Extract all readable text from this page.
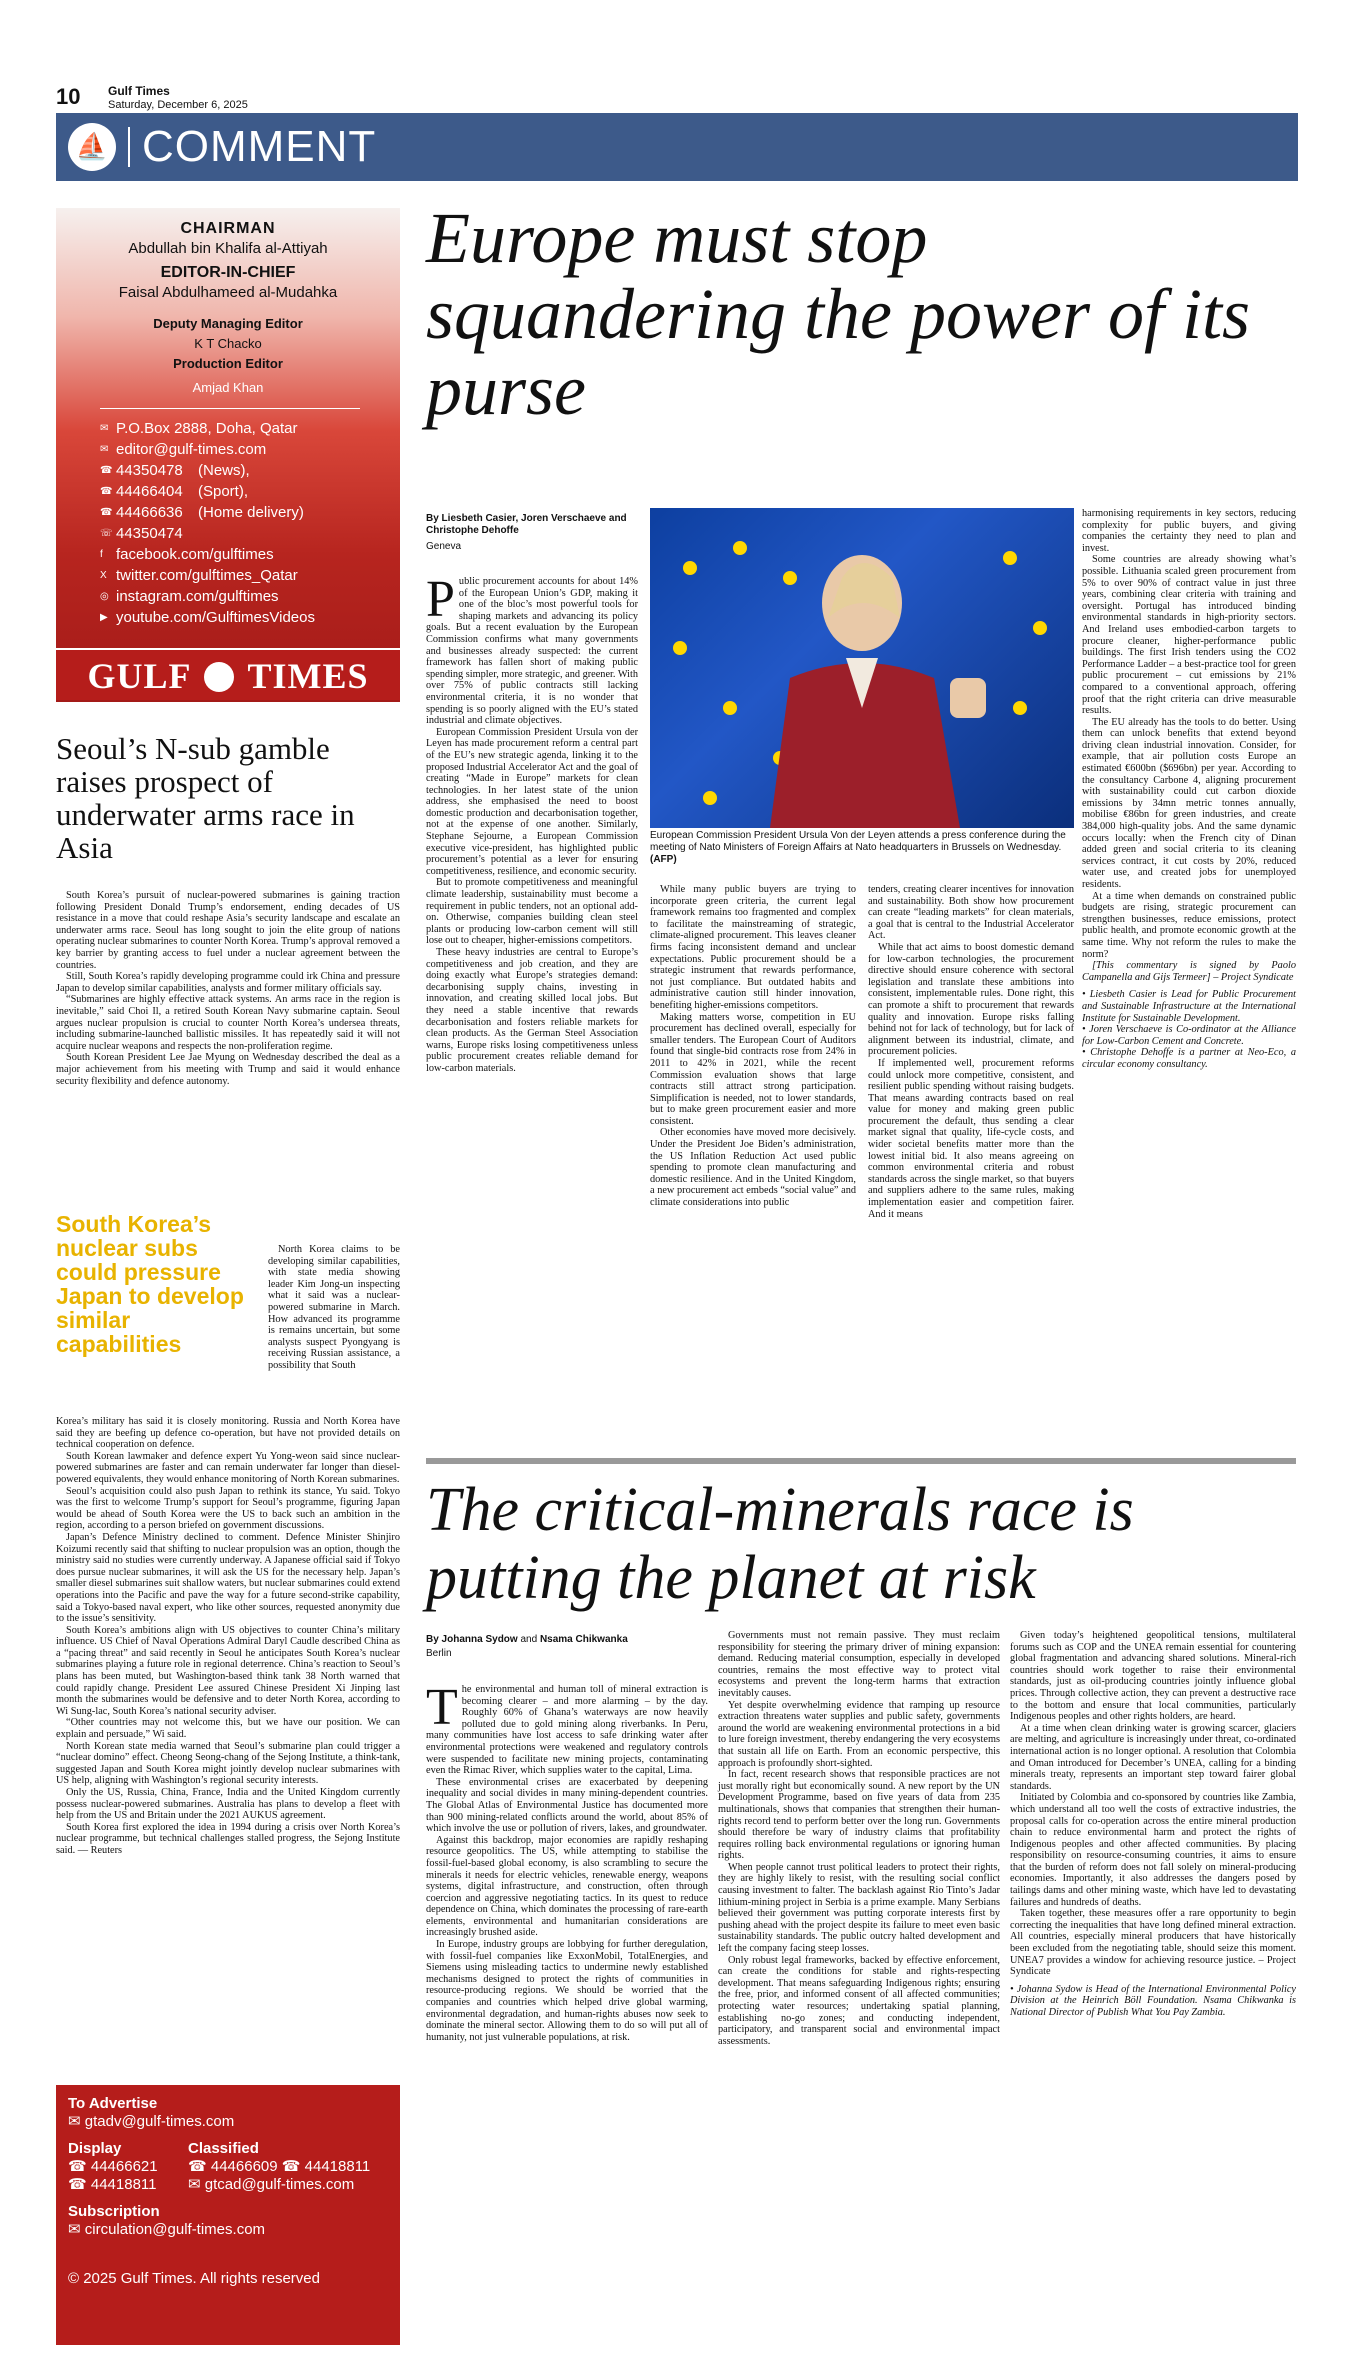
10 Gulf Times
Saturday, December 6, 2025
⛵ COMMENT
CHAIRMAN
Abdullah bin Khalifa al-Attiyah
EDITOR-IN-CHIEF
Faisal Abdulhameed al-Mudahka
Deputy Managing Editor
K T Chacko
Production Editor
Amjad Khan
✉ P.O.Box 2888, Doha, Qatar
✉ editor@gulf-times.com
☎ 44350478	(News),
☎ 44466404	(Sport),
☎ 44466636	(Home delivery)
☏ 44350474
f facebook.com/gulftimes
X twitter.com/gulftimes_Qatar
◎ instagram.com/gulftimes
▶ youtube.com/GulftimesVideos
GULF TIMES
Seoul’s N-sub gamble raises prospect of underwater arms race in Asia

South Korea’s pursuit of nuclear-powered submarines is gaining traction following President Donald Trump’s endorsement, ending decades of US resistance in a move that could reshape Asia’s security landscape and escalate an underwater arms race. Seoul has long sought to join the elite group of nations operating nuclear submarines to counter North Korea. Trump’s approval removed a key barrier by granting access to fuel under a nuclear agreement between the countries.

Still, South Korea’s rapidly developing programme could irk China and pressure Japan to develop similar capabilities, analysts and former military officials say.

“Submarines are highly effective attack systems. An arms race in the region is inevitable,” said Choi Il, a retired South Korean Navy submarine captain. Seoul argues nuclear propulsion is crucial to counter North Korea’s undersea threats, including submarine-launched ballistic missiles. It has repeatedly said it will not acquire nuclear weapons and respects the non-proliferation regime.

South Korean President Lee Jae Myung on Wednesday described the deal as a major achievement from his meeting with Trump and said it would enhance security flexibility and defence autonomy.

South Korea’s nuclear subs could pressure Japan to develop similar capabilities

North Korea claims to be developing similar capabilities, with state media showing leader Kim Jong-un inspecting what it said was a nuclear-powered submarine in March. How advanced its programme is remains uncertain, but some analysts suspect Pyongyang is receiving Russian assistance, a possibility that South

Korea’s military has said it is closely monitoring. Russia and North Korea have said they are beefing up defence co-operation, but have not provided details on technical cooperation on defence.

South Korean lawmaker and defence expert Yu Yong-weon said since nuclear-powered submarines are faster and can remain underwater far longer than diesel-powered equivalents, they would enhance monitoring of North Korean submarines.

Seoul’s acquisition could also push Japan to rethink its stance, Yu said. Tokyo was the first to welcome Trump’s support for Seoul’s programme, figuring Japan would be ahead of South Korea were the US to back such an ambition in the region, according to a person briefed on government discussions.

Japan’s Defence Ministry declined to comment. Defence Minister Shinjiro Koizumi recently said that shifting to nuclear propulsion was an option, though the ministry said no studies were currently underway. A Japanese official said if Tokyo does pursue nuclear submarines, it will ask the US for the necessary help. Japan’s smaller diesel submarines suit shallow waters, but nuclear submarines could extend operations into the Pacific and pave the way for a future second-strike capability, said a Tokyo-based naval expert, who like other sources, requested anonymity due to the issue’s sensitivity.

South Korea’s ambitions align with US objectives to counter China’s military influence. US Chief of Naval Operations Admiral Daryl Caudle described China as a “pacing threat” and said recently in Seoul he anticipates South Korea’s nuclear submarines playing a future role in regional deterrence. China’s reaction to Seoul’s plans has been muted, but Washington-based think tank 38 North warned that could rapidly change. President Lee assured Chinese President Xi Jinping last month the submarines would be defensive and to deter North Korea, according to Wi Sung-lac, South Korea’s national security adviser.

“Other countries may not welcome this, but we have our position. We can explain and persuade,” Wi said.

North Korean state media warned that Seoul’s submarine plan could trigger a “nuclear domino” effect. Cheong Seong-chang of the Sejong Institute, a think-tank, suggested Japan and South Korea might jointly develop nuclear submarines with US help, aligning with Washington’s regional security interests.

Only the US, Russia, China, France, India and the United Kingdom currently possess nuclear-powered submarines. Australia has plans to develop a fleet with help from the US and Britain under the 2021 AUKUS agreement.

South Korea first explored the idea in 1994 during a crisis over North Korea’s nuclear programme, but technical challenges stalled progress, the Sejong Institute said. — Reuters

To Advertise
✉ gtadv@gulf-times.com
Display
☎ 44466621
☎ 44418811
Classified
☎ 44466609 ☎ 44418811
✉ gtcad@gulf-times.com
Subscription
✉ circulation@gulf-times.com
© 2025 Gulf Times. All rights reserved
Europe must stop squandering the power of its purse
By Liesbeth Casier, Joren Verschaeve and Christophe Dehoffe
Geneva

Public procurement accounts for about 14% of the European Union’s GDP, making it one of the bloc’s most powerful tools for shaping markets and advancing its policy goals. But a recent evaluation by the European Commission confirms what many governments and businesses already suspected: the current framework has fallen short of making public spending simpler, more strategic, and greener. With over 75% of public contracts still lacking environmental criteria, it is no wonder that spending is so poorly aligned with the EU’s stated industrial and climate objectives.

European Commission President Ursula von der Leyen has made procurement reform a central part of the EU’s new strategic agenda, linking it to the proposed Industrial Accelerator Act and the goal of creating “Made in Europe” markets for clean technologies. In her latest state of the union address, she emphasised the need to boost domestic production and decarbonisation together, not at the expense of one another. Similarly, Stephane Sejourne, a European Commission executive vice-president, has highlighted public procurement’s potential as a lever for ensuring competitiveness, resilience, and economic security.

But to promote competitiveness and meaningful climate leadership, sustainability must become a requirement in public tenders, not an optional add-on. Otherwise, companies building clean steel plants or producing low-carbon cement will still lose out to cheaper, higher-emissions competitors.

These heavy industries are central to Europe’s competitiveness and job creation, and they are doing exactly what Europe’s strategies demand: decarbonising supply chains, investing in innovation, and creating skilled local jobs. But they need a stable incentive that rewards decarbonisation and fosters reliable markets for clean products. As the German Steel Association warns, Europe risks losing competitiveness unless public procurement creates reliable demand for low-carbon materials.

European Commission President Ursula Von der Leyen attends a press conference during the meeting of Nato Ministers of Foreign Affairs at Nato headquarters in Brussels on Wednesday. (AFP)

While many public buyers are trying to incorporate green criteria, the current legal framework remains too fragmented and complex to facilitate the mainstreaming of strategic, climate-aligned procurement. This leaves cleaner firms facing inconsistent demand and unclear expectations. Public procurement should be a strategic instrument that rewards performance, not just compliance. But outdated habits and administrative caution still hinder innovation, benefiting higher-emissions competitors.

Making matters worse, competition in EU procurement has declined overall, especially for smaller tenders. The European Court of Auditors found that single-bid contracts rose from 24% in 2011 to 42% in 2021, while the recent Commission evaluation shows that large contracts still attract strong participation. Simplification is needed, not to lower standards, but to make green procurement easier and more consistent.

Other economies have moved more decisively. Under the President Joe Biden’s administration, the US Inflation Reduction Act used public spending to promote clean manufacturing and domestic resilience. And in the United Kingdom, a new procurement act embeds “social value” and climate considerations into public

tenders, creating clearer incentives for innovation and sustainability. Both show how procurement can create “leading markets” for clean materials, a goal that is central to the Industrial Accelerator Act.

While that act aims to boost domestic demand for low-carbon technologies, the procurement directive should ensure coherence with sectoral legislation and translate these ambitions into consistent, implementable rules. Done right, this can promote a shift to procurement that rewards quality and innovation. Europe risks falling behind not for lack of technology, but for lack of alignment between its industrial, climate, and procurement policies.

If implemented well, procurement reforms could unlock more competitive, consistent, and resilient public spending without raising budgets. That means awarding contracts based on real value for money and making green public procurement the default, thus sending a clear market signal that quality, life-cycle costs, and wider societal benefits matter more than the lowest initial bid. It also means agreeing on common environmental criteria and robust standards across the single market, so that buyers and suppliers adhere to the same rules, making implementation easier and competition fairer. And it means

harmonising requirements in key sectors, reducing complexity for public buyers, and giving companies the certainty they need to plan and invest.

Some countries are already showing what’s possible. Lithuania scaled green procurement from 5% to over 90% of contract value in just three years, combining clear criteria with training and oversight. Portugal has introduced binding environmental standards in high-priority sectors. And Ireland uses embodied-carbon targets to procure cleaner, higher-performance public buildings. The first Irish tenders using the CO2 Performance Ladder – a best-practice tool for green public procurement – cut emissions by 21% compared to a conventional approach, offering proof that the right criteria can drive measurable results.

The EU already has the tools to do better. Using them can unlock benefits that extend beyond driving clean industrial innovation. Consider, for example, that air pollution costs Europe an estimated €600bn ($696bn) per year. According to the consultancy Carbone 4, aligning procurement with sustainability could cut carbon dioxide emissions by 34mn metric tonnes annually, mobilise €86bn for green industries, and create 384,000 high-quality jobs. And the same dynamic occurs locally: when the French city of Dinan added green and social criteria to its cleaning services contract, it cut costs by 20%, reduced water use, and created jobs for unemployed residents.

At a time when demands on constrained public budgets are rising, strategic procurement can strengthen businesses, reduce emissions, protect public health, and promote economic growth at the same time. Why not reform the rules to make the norm?

[This commentary is signed by Paolo Campanella and Gijs Termeer] – Project Syndicate

• Liesbeth Casier is Lead for Public Procurement and Sustainable Infrastructure at the International Institute for Sustainable Development.

• Joren Verschaeve is Co-ordinator at the Alliance for Low-Carbon Cement and Concrete.

• Christophe Dehoffe is a partner at Neo-Eco, a circular economy consultancy.

The critical-minerals race is putting the planet at risk
By Johanna Sydow and Nsama Chikwanka
Berlin

The environmental and human toll of mineral extraction is becoming clearer – and more alarming – by the day. Roughly 60% of Ghana’s waterways are now heavily polluted due to gold mining along riverbanks. In Peru, many communities have lost access to safe drinking water after environmental protections were weakened and regulatory controls were suspended to facilitate new mining projects, contaminating even the Rimac River, which supplies water to the capital, Lima.

These environmental crises are exacerbated by deepening inequality and social divides in many mining-dependent countries. The Global Atlas of Environmental Justice has documented more than 900 mining-related conflicts around the world, about 85% of which involve the use or pollution of rivers, lakes, and groundwater.

Against this backdrop, major economies are rapidly reshaping resource geopolitics. The US, while attempting to stabilise the fossil-fuel-based global economy, is also scrambling to secure the minerals it needs for electric vehicles, renewable energy, weapons systems, digital infrastructure, and construction, often through coercion and aggressive negotiating tactics. In its quest to reduce dependence on China, which dominates the processing of rare-earth elements, environmental and humanitarian considerations are increasingly brushed aside.

In Europe, industry groups are lobbying for further deregulation, with fossil-fuel companies like ExxonMobil, TotalEnergies, and Siemens using misleading tactics to undermine newly established mechanisms designed to protect the rights of communities in resource-producing regions. We should be worried that the companies and countries which helped drive global warming, environmental degradation, and human-rights abuses now seek to dominate the mineral sector. Allowing them to do so will put all of humanity, not just vulnerable populations, at risk.

Governments must not remain passive. They must reclaim responsibility for steering the primary driver of mining expansion: demand. Reducing material consumption, especially in developed countries, remains the most effective way to protect vital ecosystems and prevent the long-term harms that extraction inevitably causes.

Yet despite overwhelming evidence that ramping up resource extraction threatens water supplies and public safety, governments around the world are weakening environmental protections in a bid to lure foreign investment, thereby endangering the very ecosystems that sustain all life on Earth. From an economic perspective, this approach is profoundly short-sighted.

In fact, recent research shows that responsible practices are not just morally right but economically sound. A new report by the UN Development Programme, based on five years of data from 235 multinationals, shows that companies that strengthen their human-rights record tend to perform better over the long run. Governments should therefore be wary of industry claims that profitability requires rolling back environmental regulations or ignoring human rights.

When people cannot trust political leaders to protect their rights, they are highly likely to resist, with the resulting social conflict causing investment to falter. The backlash against Rio Tinto’s Jadar lithium-mining project in Serbia is a prime example. Many Serbians believed their government was putting corporate interests first by pushing ahead with the project despite its failure to meet even basic sustainability standards. The public outcry halted development and left the company facing steep losses.

Only robust legal frameworks, backed by effective enforcement, can create the conditions for stable and rights-respecting development. That means safeguarding Indigenous rights; ensuring the free, prior, and informed consent of all affected communities; protecting water resources; undertaking spatial planning, establishing no-go zones; and conducting independent, participatory, and transparent social and environmental impact assessments.

Given today’s heightened geopolitical tensions, multilateral forums such as COP and the UNEA remain essential for countering global fragmentation and advancing shared solutions. Mineral-rich countries should work together to raise their environmental standards, just as oil-producing countries jointly influence global prices. Through collective action, they can prevent a destructive race to the bottom and ensure that local communities, particularly Indigenous peoples and other rights holders, are heard.

At a time when clean drinking water is growing scarcer, glaciers are melting, and agriculture is increasingly under threat, co-ordinated international action is no longer optional. A resolution that Colombia and Oman introduced for December’s UNEA, calling for a binding minerals treaty, represents an important step toward fairer global standards.

Initiated by Colombia and co-sponsored by countries like Zambia, which understand all too well the costs of extractive industries, the proposal calls for co-operation across the entire mineral production chain to reduce environmental harm and protect the rights of Indigenous peoples and other affected communities. By placing responsibility on resource-consuming countries, it aims to ensure that the burden of reform does not fall solely on mineral-producing economies. Importantly, it also addresses the dangers posed by tailings dams and other mining waste, which have led to devastating failures and hundreds of deaths.

Taken together, these measures offer a rare opportunity to begin correcting the inequalities that have long defined mineral extraction. All countries, especially mineral producers that have historically been excluded from the negotiating table, should seize this moment. UNEA7 provides a window for achieving resource justice. – Project Syndicate

• Johanna Sydow is Head of the International Environmental Policy Division at the Heinrich Böll Foundation. Nsama Chikwanka is National Director of Publish What You Pay Zambia.
